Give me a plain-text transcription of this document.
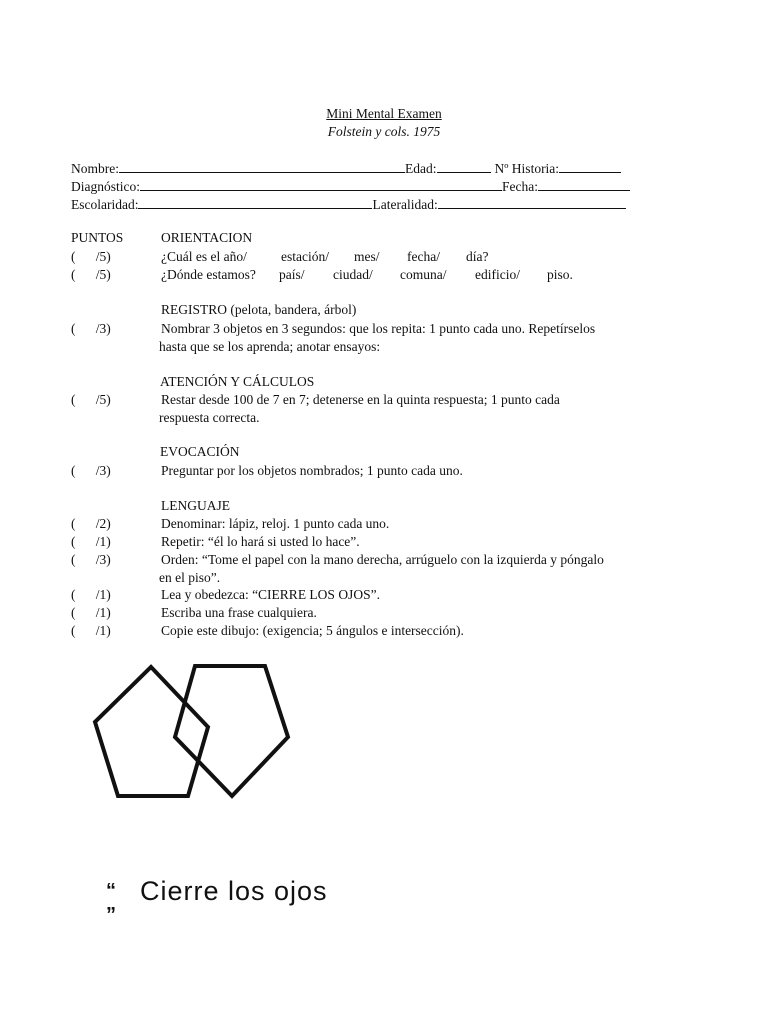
Mini Mental Examen
Folstein y cols. 1975
Nombre:	Edad:	Nº Historia:
Diagnóstico:	Fecha:
Escolaridad:	Lateralidad:
PUNTOS	ORIENTACION
(      /5)	¿Cuál es el año/	estación/ mes/ fecha/ día?
(      /5)	¿Dónde estamos? país/ ciudad/ comuna/ edificio/ piso.
REGISTRO (pelota, bandera, árbol)
(      /3)	Nombrar 3 objetos en 3 segundos: que los repita: 1 punto cada uno. Repetírselos
hasta que se los aprenda; anotar ensayos:
ATENCIÓN Y CÁLCULOS
(      /5)	Restar desde 100 de 7 en 7; detenerse en la quinta respuesta; 1 punto cada
respuesta correcta.
EVOCACIÓN
(      /3)	Preguntar por los objetos nombrados; 1 punto cada uno.
LENGUAJE
(      /2)	Denominar: lápiz, reloj. 1 punto cada uno.
(      /1)	Repetir: “él lo hará si usted lo hace”.
(      /3)	Orden: “Tome el papel con la mano derecha, arrúguelo con la izquierda y póngalo
en el piso”.
(      /1)	Lea y obedezca: “CIERRE LOS OJOS”.
(      /1)	Escriba una frase cualquiera.
(      /1)	Copie este dibujo: (exigencia; 5 ángulos e intersección).
“ Cierre los ojos
”
